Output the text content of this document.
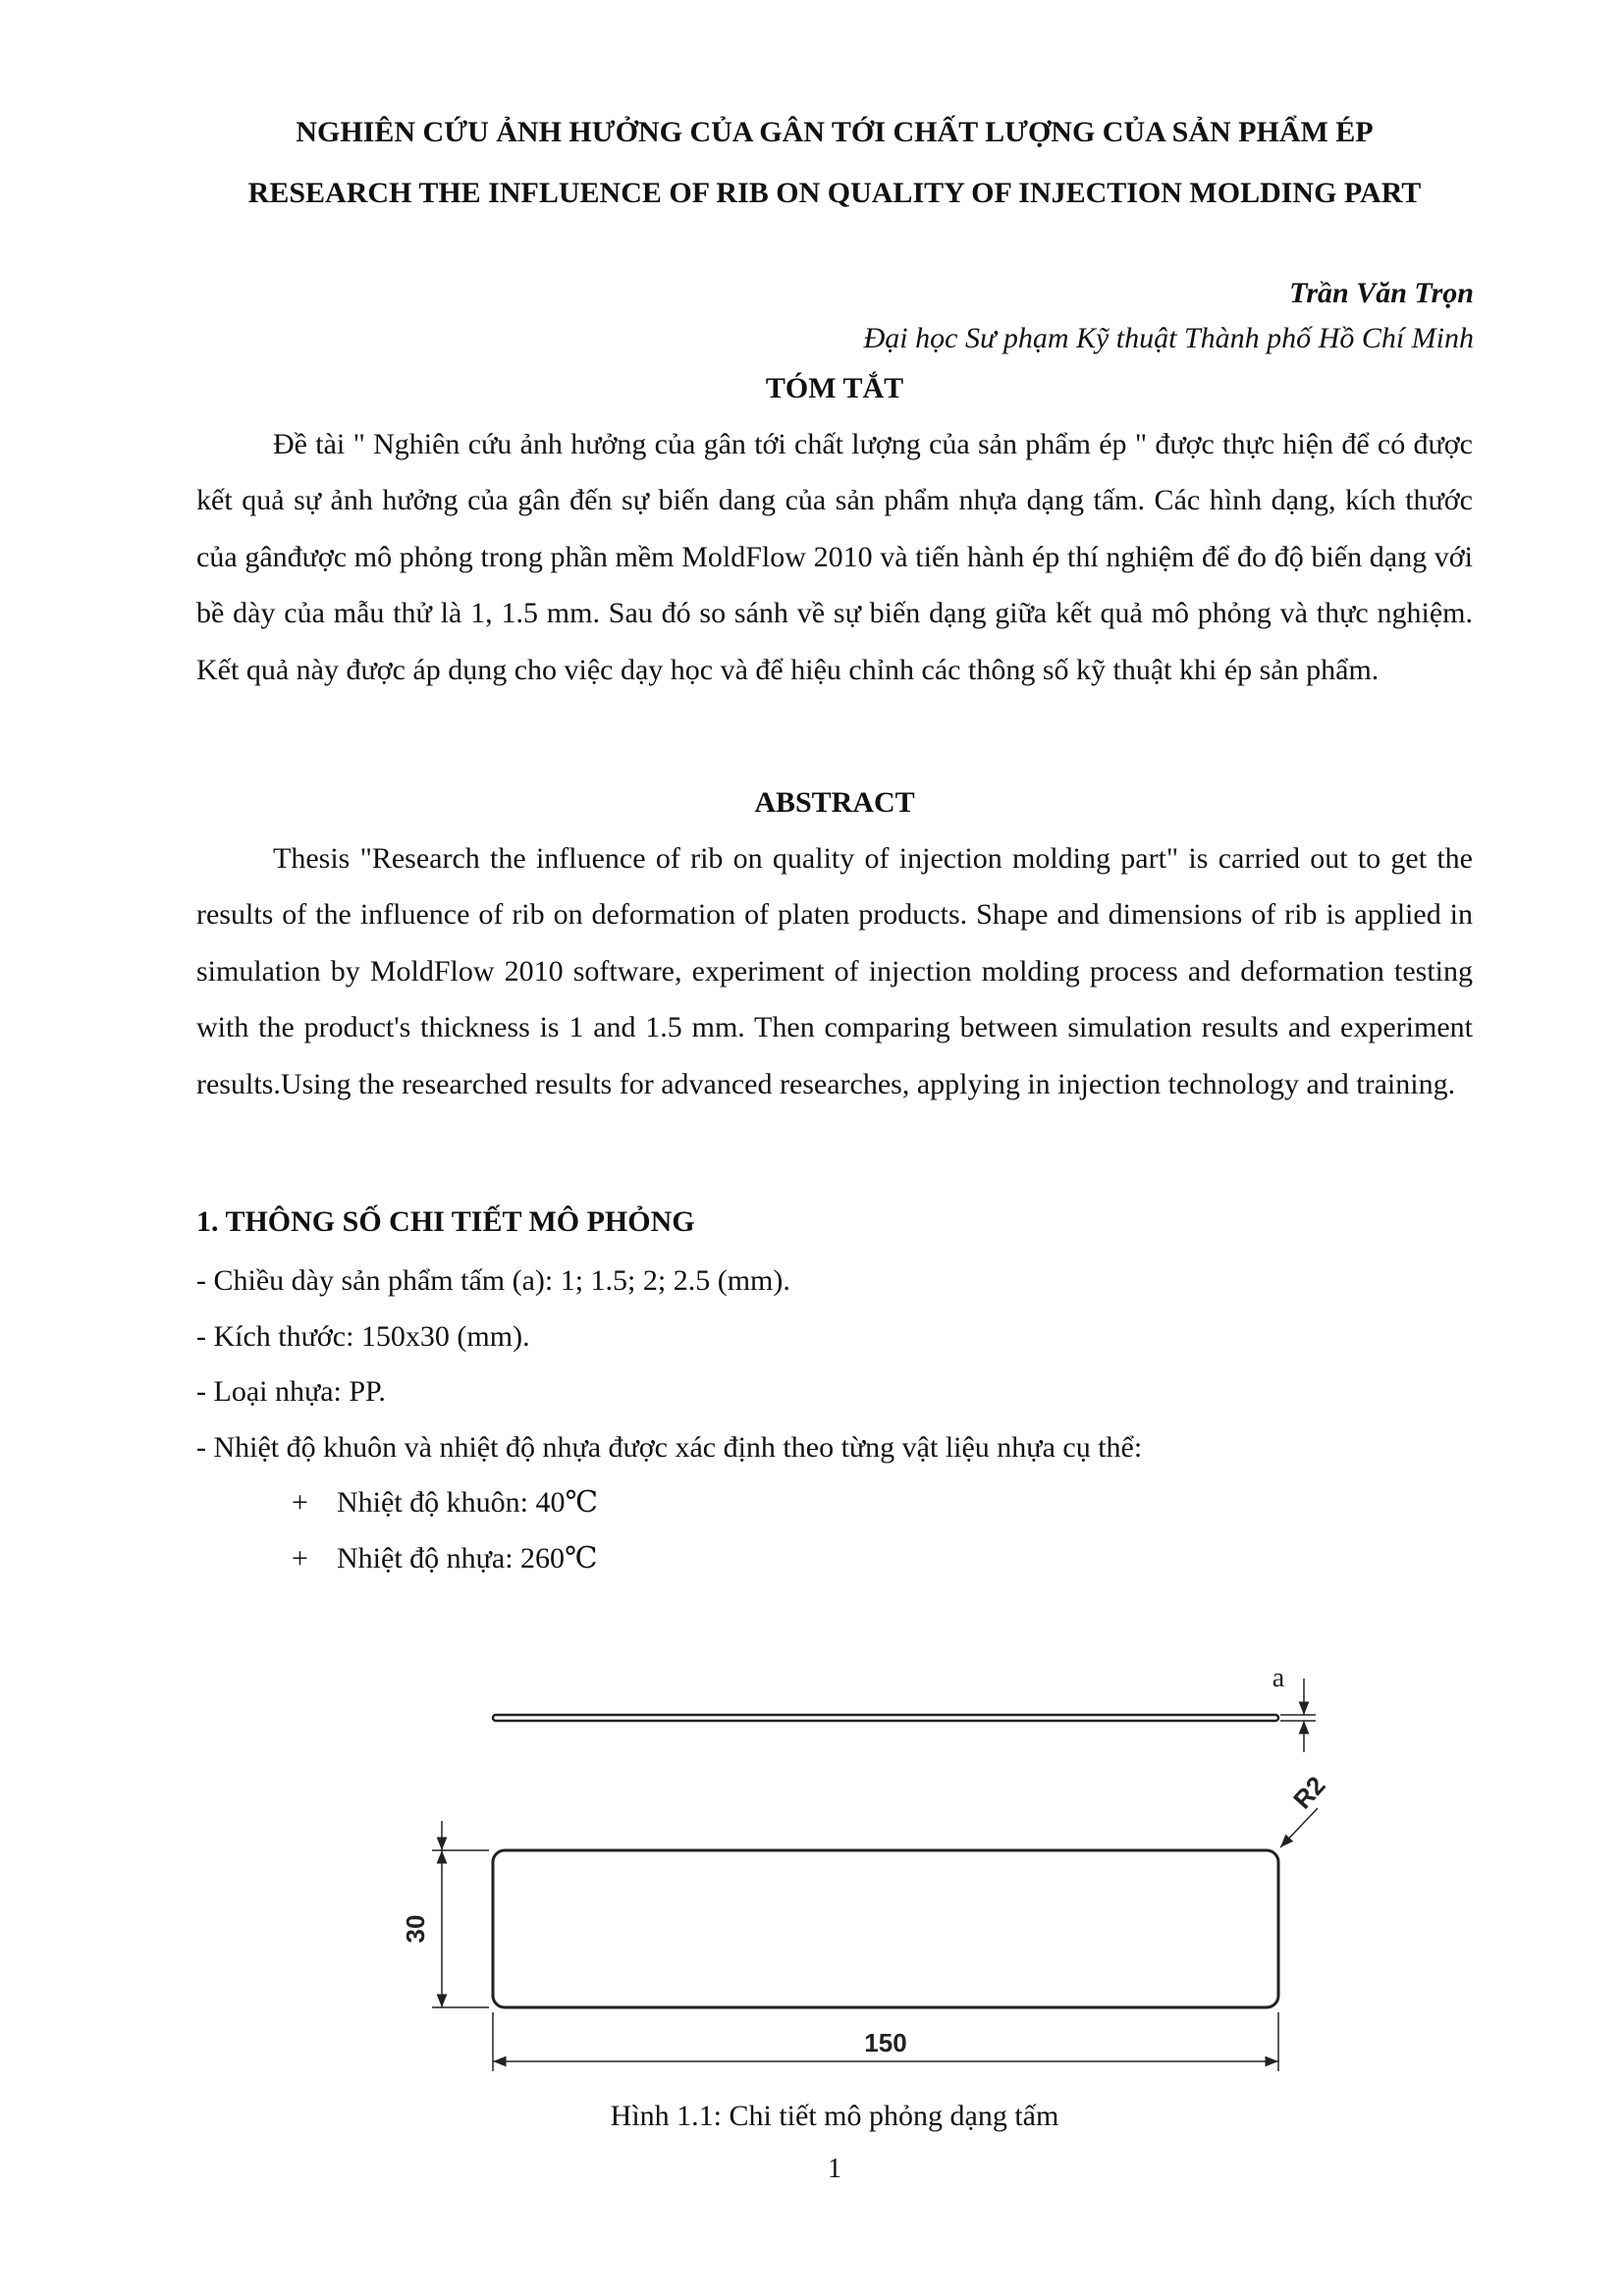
NGHIÊN CỨU ẢNH HƯỞNG CỦA GÂN TỚI CHẤT LƯỢNG CỦA SẢN PHẨM ÉP
RESEARCH THE INFLUENCE OF RIB ON QUALITY OF INJECTION MOLDING PART
Trần Văn Trọn
Đại học Sư phạm Kỹ thuật Thành phố Hồ Chí Minh
TÓM TẮT

Đề tài " Nghiên cứu ảnh hưởng của gân tới chất lượng của sản phẩm ép " được thực hiện để có được kết quả sự ảnh hưởng của gân đến sự biến dang của sản phẩm nhựa dạng tấm. Các hình dạng, kích thước của gânđược mô phỏng trong phần mềm MoldFlow 2010 và tiến hành ép thí nghiệm để đo độ biến dạng với bề dày của mẫu thử là 1, 1.5 mm. Sau đó so sánh về sự biến dạng giữa kết quả mô phỏng và thực nghiệm. Kết quả này được áp dụng cho việc dạy học và để hiệu chỉnh các thông số kỹ thuật khi ép sản phẩm.

ABSTRACT

Thesis "Research the influence of rib on quality of injection molding part" is carried out to get the results of the influence of rib on deformation of platen products. Shape and dimensions of rib is applied in simulation by MoldFlow 2010 software, experiment of injection molding process and deformation testing with the product's thickness is 1 and 1.5 mm. Then comparing between simulation results and experiment results.Using the researched results for advanced researches, applying in injection technology and training.

1. THÔNG SỐ CHI TIẾT MÔ PHỎNG
- Chiều dày sản phẩm tấm (a): 1; 1.5; 2; 2.5 (mm).
- Kích thước: 150x30 (mm).
- Loại nhựa: PP.
- Nhiệt độ khuôn và nhiệt độ nhựa được xác định theo từng vật liệu nhựa cụ thể:
+ Nhiệt độ khuôn: 40℃
+ Nhiệt độ nhựa: 260℃
a
R2
30
150

Hình 1.1: Chi tiết mô phỏng dạng tấm

1
